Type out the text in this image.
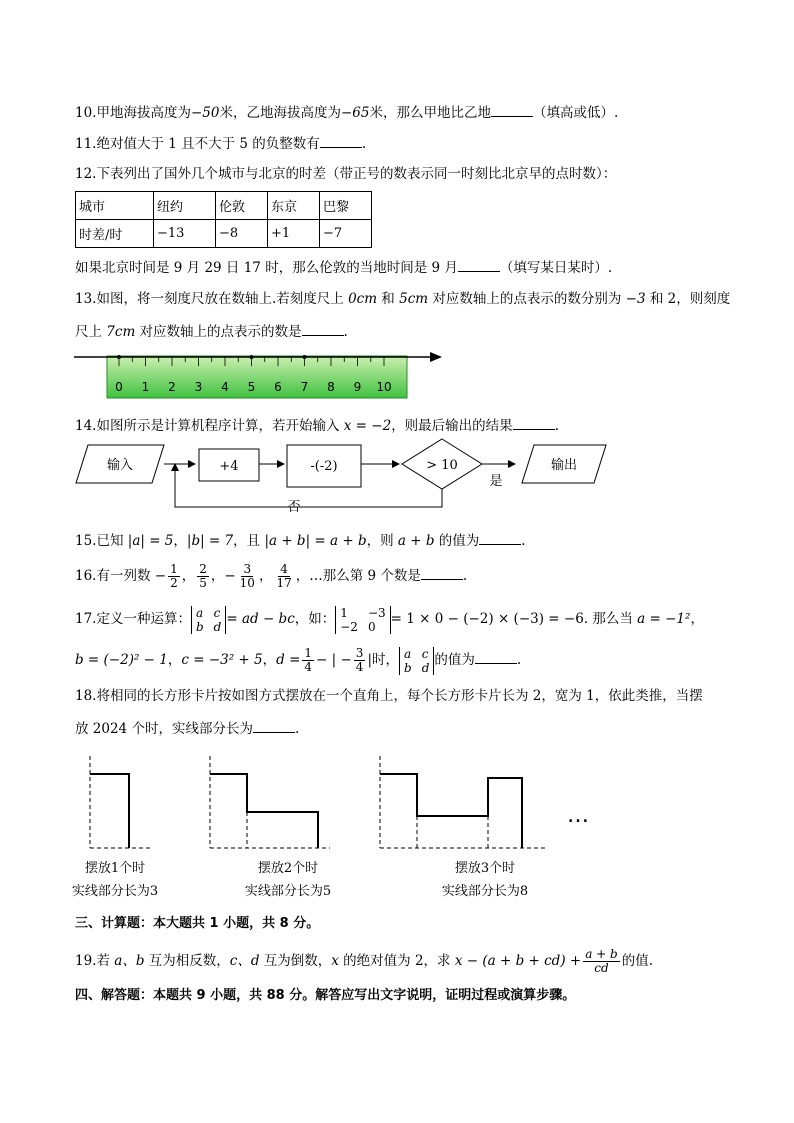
10.甲地海拔高度为−50米，乙地海拔高度为−65米，那么甲地比乙地	（填高或低）.
11.绝对值大于 1 且不大于 5 的负整数有	.
12.下表列出了国外几个城市与北京的时差（带正号的数表示同一时刻比北京早的点时数）：
城市	纽约	伦敦	东京	巴黎
时差/时	−13	−8	+1	−7
如果北京时间是 9 月 29 日 17 时，那么伦敦的当地时间是 9 月	（填写某日某时）.
13.如图，将一刻度尺放在数轴上.若刻度尺上 0cm 和 5cm 对应数轴上的点表示的数分别为 −3 和 2，则刻度
尺上 7cm 对应数轴上的点表示的数是	.
0 1 2 3 4 5 6 7 8 9 10
14.如图所示是计算机程序计算，若开始输入 x = −2，则最后输出的结果	.
输入	+4	-(-2)	> 10
是
输出
否
15.已知 |a| = 5，|b| = 7，且 |a + b| = a + b，则 a + b 的值为	.
16.有一列数 − $\frac{1}{2}$ ， $\frac{2}{5}$ ，− $\frac{3}{10}$ ， $\frac{4}{17}$ ，…那么第 9 个数是	.
17.定义一种运算： a c
b d = ad − bc，如： 1	−3
−2 0	= 1 × 0 − (−2) × (−3) = −6. 那么当 a = −1²，
b = (−2)² − 1，c = −3² + 5，$d = \frac{1}{4}$ − | − $\frac{3}{4}$ |时， a c
b d 的值为	.
18.将相同的长方形卡片按如图方式摆放在一个直角上，每个长方形卡片长为 2，宽为 1，依此类推，当摆
放 2024 个时，实线部分长为	.
…
摆放1个时
实线部分长为3
摆放2个时
实线部分长为5
摆放3个时
实线部分长为8
三、计算题：本大题共 1 小题，共 8 分。
19.若 a、b 互为相反数，c、d 互为倒数，x 的绝对值为 2，求 $x - (a + b + cd) + \frac{a + b}{cd}$ 的值.
四、解答题：本题共 9 小题，共 88 分。解答应写出文字说明，证明过程或演算步骤。
